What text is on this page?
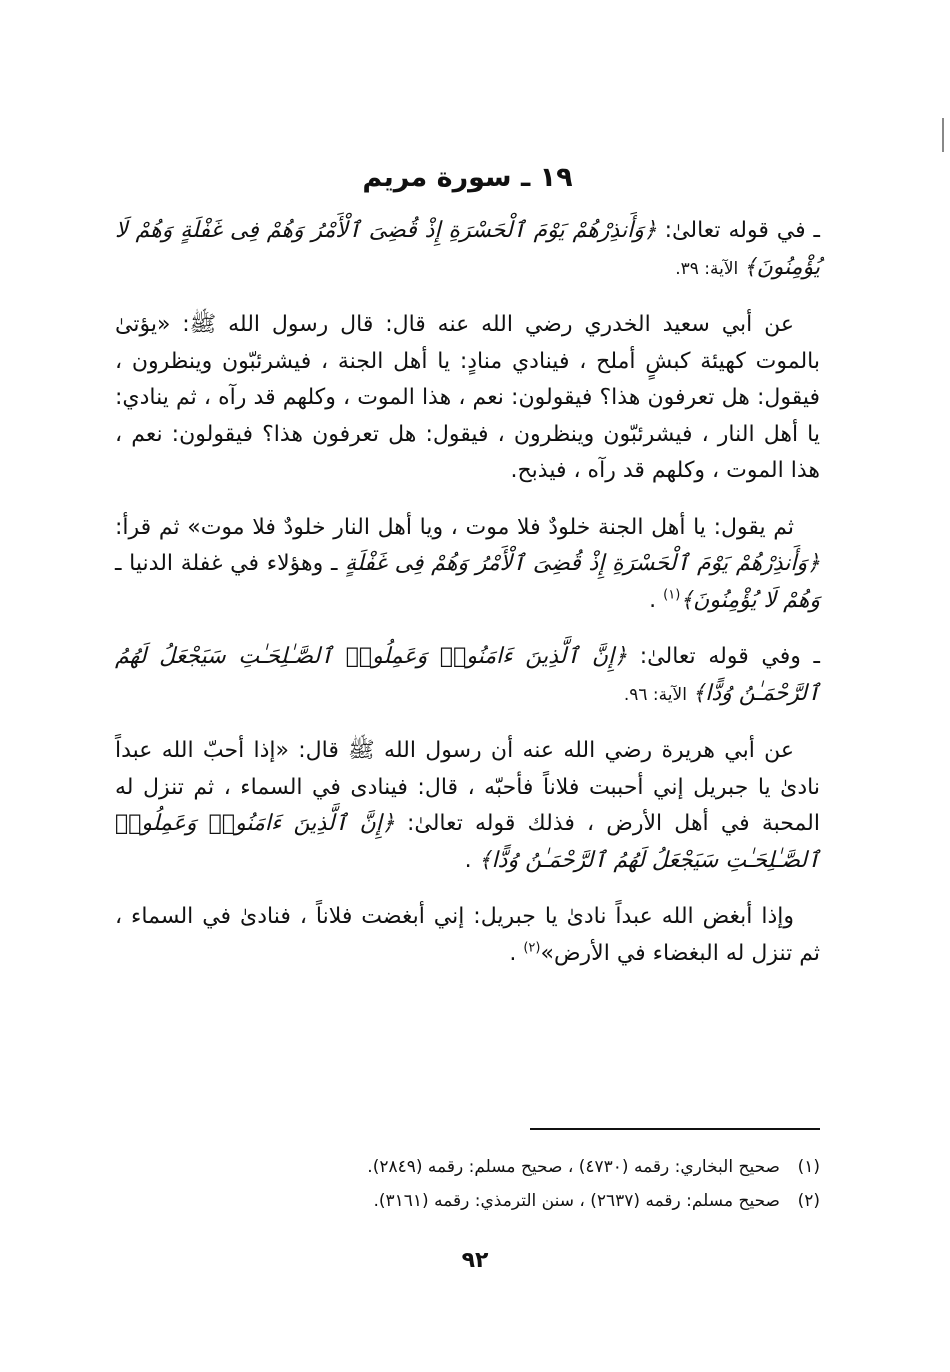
١٩ ـ سورة مريم

ـ في قوله تعالىٰ: ﴿وَأَنذِرْهُمْ يَوْمَ ٱلْحَسْرَةِ إِذْ قُضِىَ ٱلْأَمْرُ وَهُمْ فِى غَفْلَةٍ وَهُمْ لَا يُؤْمِنُونَ﴾ الآية: ٣٩.

عن أبي سعيد الخدري رضي الله عنه قال: قال رسول الله ﷺ: «يؤتىٰ بالموت كهيئة كبشٍ أملح ، فينادي منادٍ: يا أهل الجنة ، فيشرئبّون وينظرون ، فيقول: هل تعرفون هذا؟ فيقولون: نعم ، هذا الموت ، وكلهم قد رآه ، ثم ينادي: يا أهل النار ، فيشرئبّون وينظرون ، فيقول: هل تعرفون هذا؟ فيقولون: نعم ، هذا الموت ، وكلهم قد رآه ، فيذبح.

ثم يقول: يا أهل الجنة خلودٌ فلا موت ، ويا أهل النار خلودٌ فلا موت» ثم قرأ: ﴿وَأَنذِرْهُمْ يَوْمَ ٱلْحَسْرَةِ إِذْ قُضِىَ ٱلْأَمْرُ وَهُمْ فِى غَفْلَةٍ ـ وهؤلاء في غفلة الدنيا ـ وَهُمْ لَا يُؤْمِنُونَ﴾$^{(١)}$ .

ـ وفي قوله تعالىٰ: ﴿إِنَّ ٱلَّذِينَ ءَامَنُوا۟ وَعَمِلُوا۟ ٱلصَّـٰلِحَـٰتِ سَيَجْعَلُ لَهُمُ ٱلرَّحْمَـٰنُ وُدًّا﴾ الآية: ٩٦.

عن أبي هريرة رضي الله عنه أن رسول الله ﷺ قال: «إذا أحبّ الله عبداً نادىٰ يا جبريل إني أحببت فلاناً فأحبّه ، قال: فينادى في السماء ، ثم تنزل له المحبة في أهل الأرض ، فذلك قوله تعالىٰ: ﴿إِنَّ ٱلَّذِينَ ءَامَنُوا۟ وَعَمِلُوا۟ ٱلصَّـٰلِحَـٰتِ سَيَجْعَلُ لَهُمُ ٱلرَّحْمَـٰنُ وُدًّا﴾ .

وإذا أبغض الله عبداً نادىٰ يا جبريل: إني أبغضت فلاناً ، فنادىٰ في السماء ، ثم تنزل له البغضاء في الأرض»$^{(٢)}$ .

(١)صحيح البخاري: رقمه (٤٧٣٠) ، صحيح مسلم: رقمه (٢٨٤٩).
(٢)صحيح مسلم: رقمه (٢٦٣٧) ، سنن الترمذي: رقمه (٣١٦١).
٩٢
